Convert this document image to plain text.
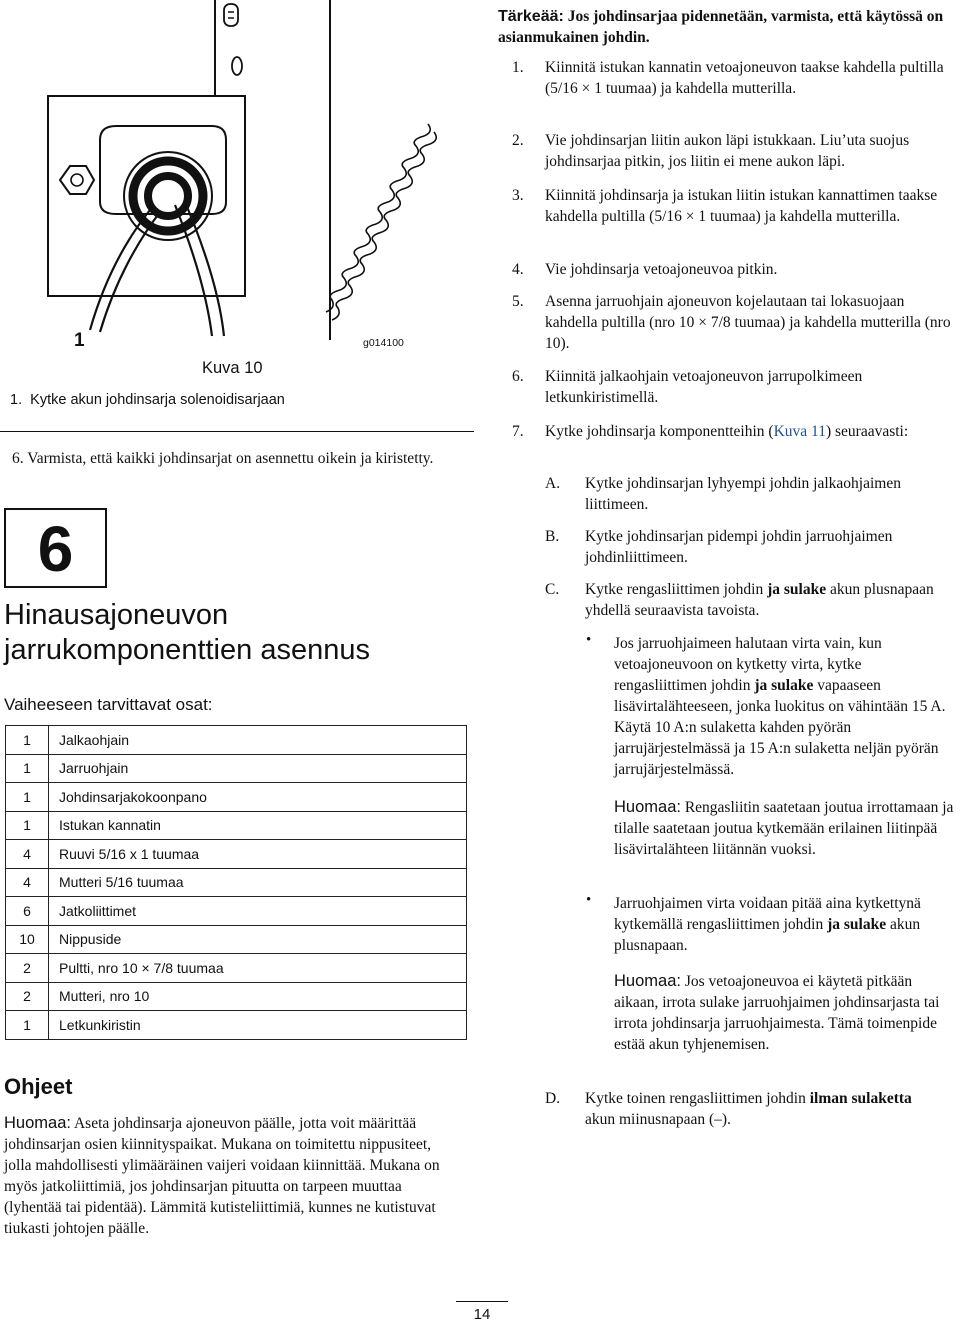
1	g014100
Kuva 10
1.  Kytke akun johdinsarja solenoidisarjaan
6. Varmista, että kaikki johdinsarjat on asennettu oikein ja kiristetty.
6
Hinausajoneuvon
jarrukomponenttien asennus
Vaiheeseen tarvittavat osat:
1	Jalkaohjain
1	Jarruohjain
1	Johdinsarjakokoonpano
1	Istukan kannatin
4	Ruuvi 5/16 x 1 tuumaa
4	Mutteri 5/16 tuumaa
6	Jatkoliittimet
10	Nippuside
2	Pultti, nro 10 × 7/8 tuumaa
2	Mutteri, nro 10
1	Letkunkiristin
Ohjeet
Huomaa: Aseta johdinsarja ajoneuvon päälle, jotta voit määrittää johdinsarjan osien kiinnityspaikat. Mukana on toimitettu nippusiteet, jolla mahdollisesti ylimääräinen vaijeri voidaan kiinnittää. Mukana on myös jatkoliittimiä, jos johdinsarjan pituutta on tarpeen muuttaa (lyhentää tai pidentää). Lämmitä kutisteliittimiä, kunnes ne kutistuvat tiukasti johtojen päälle.
Tärkeää: Jos johdinsarjaa pidennetään, varmista, että käytössä on asianmukainen johdin.
1. Kiinnitä istukan kannatin vetoajoneuvon taakse kahdella pultilla (5/16 × 1 tuumaa) ja kahdella mutterilla.
2. Vie johdinsarjan liitin aukon läpi istukkaan. Liu’uta suojus johdinsarjaa pitkin, jos liitin ei mene aukon läpi.
3. Kiinnitä johdinsarja ja istukan liitin istukan kannattimen taakse kahdella pultilla (5/16 × 1 tuumaa) ja kahdella mutterilla.
4. Vie johdinsarja vetoajoneuvoa pitkin.
5. Asenna jarruohjain ajoneuvon kojelautaan tai lokasuojaan kahdella pultilla (nro 10 × 7/8 tuumaa) ja kahdella mutterilla (nro 10).
6. Kiinnitä jalkaohjain vetoajoneuvon jarrupolkimeen letkunkiristimellä.
7. Kytke johdinsarja komponentteihin (Kuva 11) seuraavasti:
A. Kytke johdinsarjan lyhyempi johdin jalkaohjaimen liittimeen.
B. Kytke johdinsarjan pidempi johdin jarruohjaimen johdinliittimeen.
C. Kytke rengasliittimen johdin ja sulake akun plusnapaan yhdellä seuraavista tavoista.
• Jos jarruohjaimeen halutaan virta vain, kun vetoajoneuvoon on kytketty virta, kytke rengasliittimen johdin ja sulake vapaaseen lisävirtalähteeseen, jonka luokitus on vähintään 15 A. Käytä 10 A:n sulaketta kahden pyörän jarrujärjestelmässä ja 15 A:n sulaketta neljän pyörän jarrujärjestelmässä.
Huomaa: Rengasliitin saatetaan joutua irrottamaan ja tilalle saatetaan joutua kytkemään erilainen liitinpää lisävirtalähteen liitännän vuoksi.
• Jarruohjaimen virta voidaan pitää aina kytkettynä kytkemällä rengasliittimen johdin ja sulake akun plusnapaan.
Huomaa: Jos vetoajoneuvoa ei käytetä pitkään aikaan, irrota sulake jarruohjaimen johdinsarjasta tai irrota johdinsarja jarruohjaimesta. Tämä toimenpide estää akun tyhjenemisen.
D. Kytke toinen rengasliittimen johdin ilman sulaketta akun miinusnapaan (–).
14
